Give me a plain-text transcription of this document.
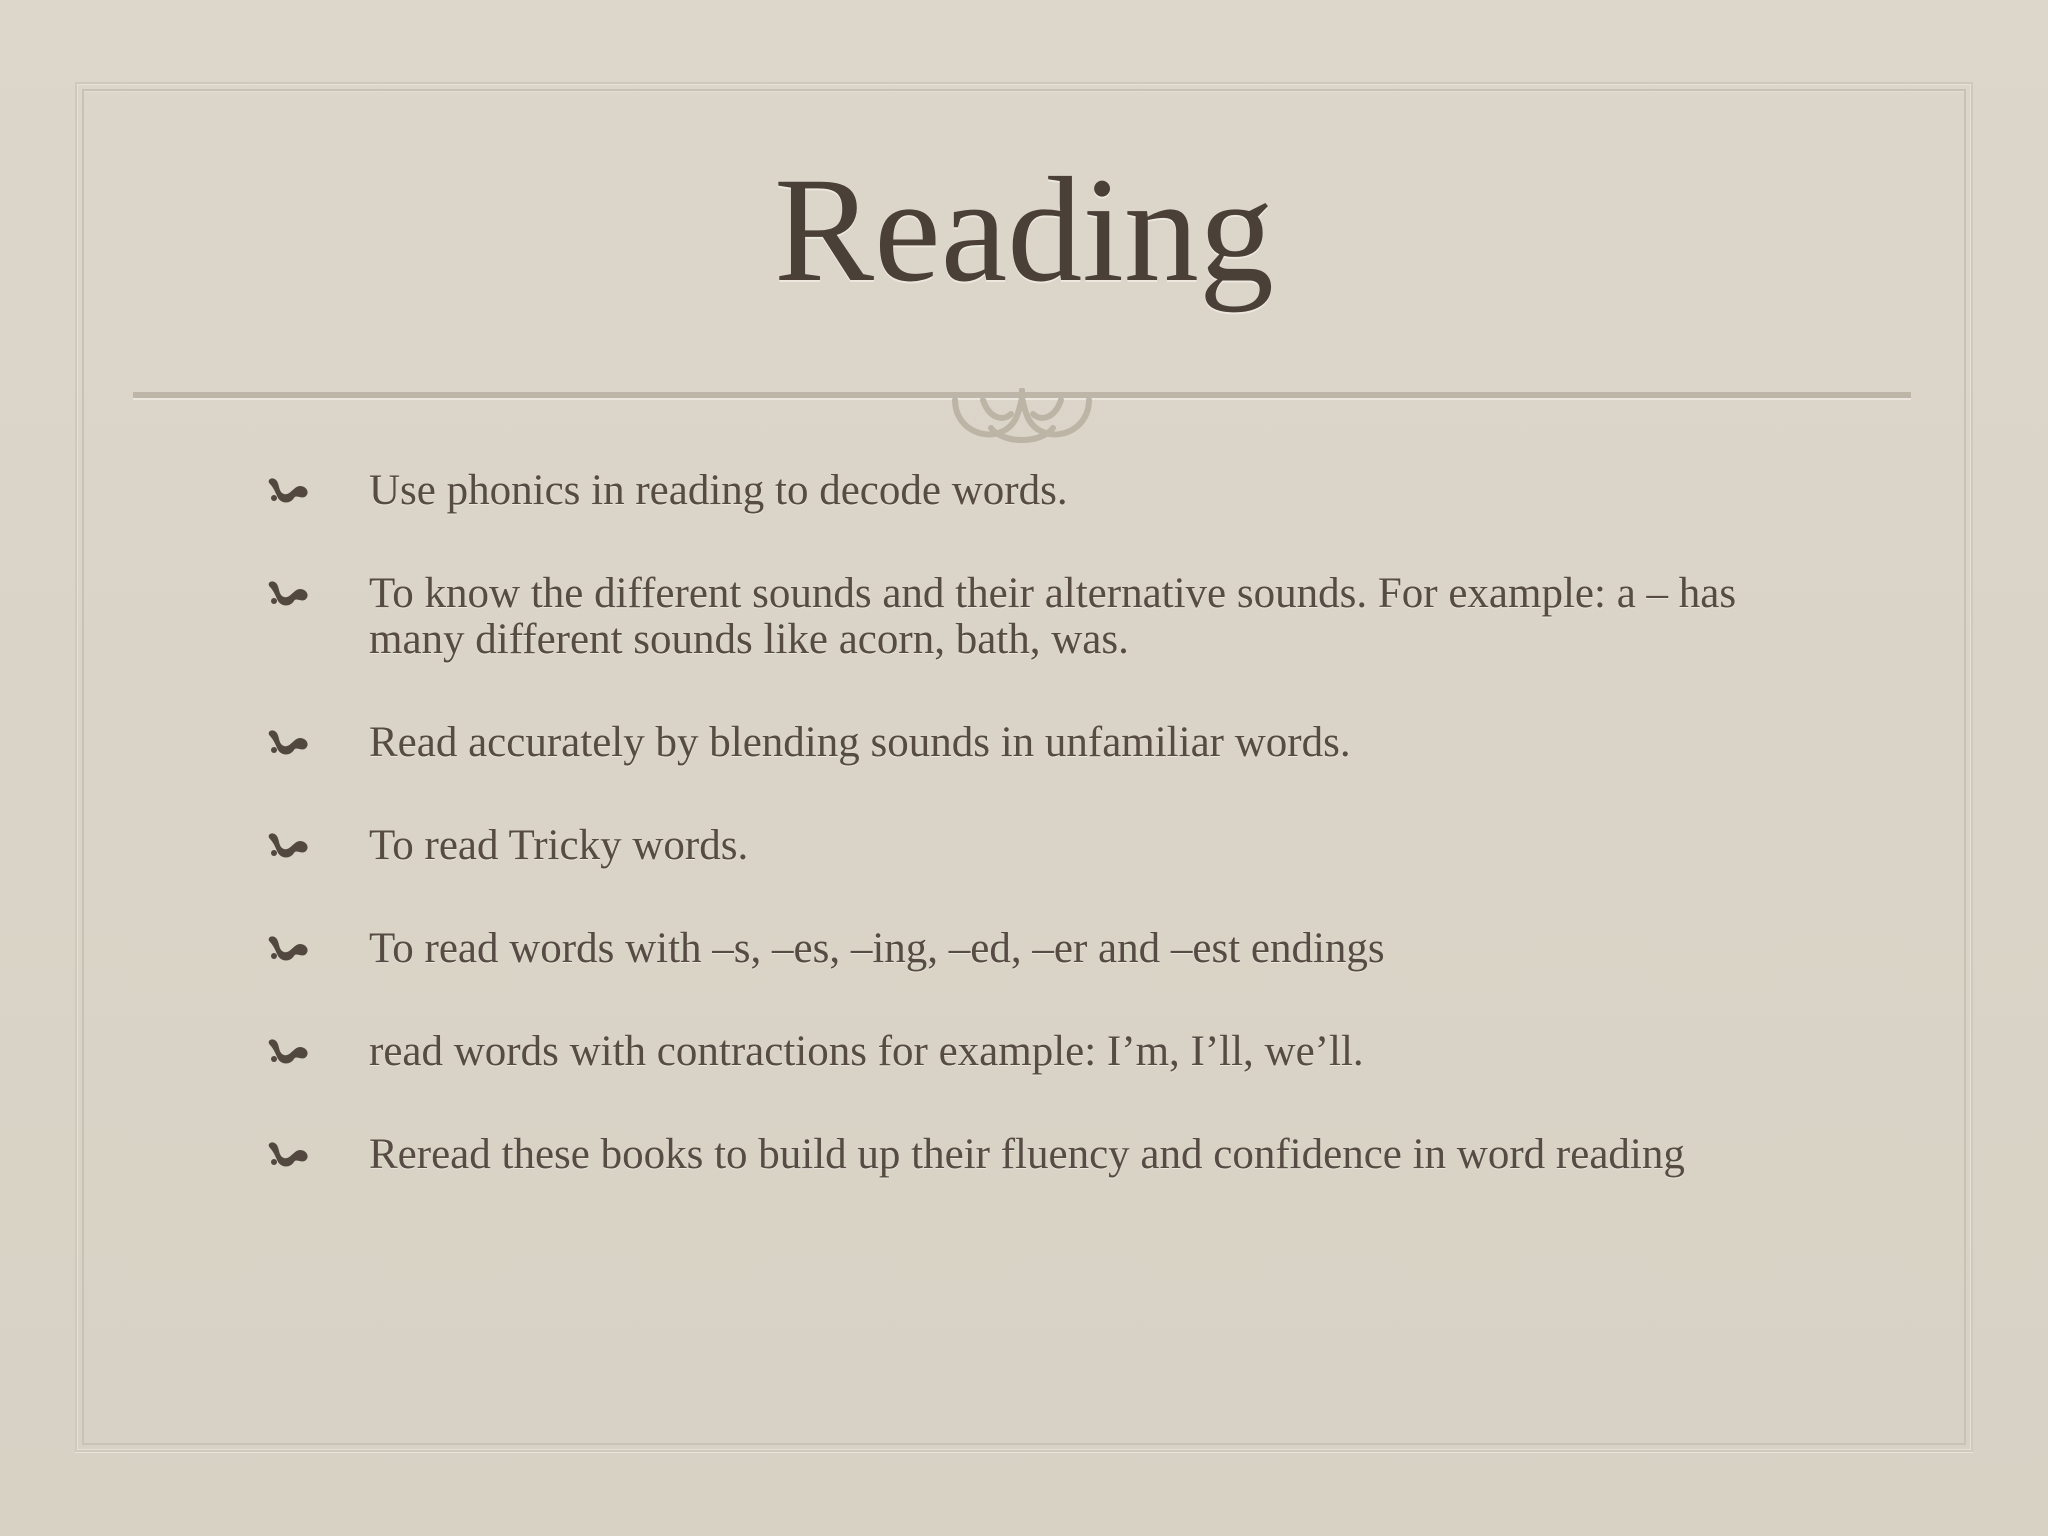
Reading
Use phonics in reading to decode words.
To know the different sounds and their alternative sounds. For example: a – has many different sounds like acorn, bath, was.
Read accurately by blending sounds in unfamiliar words.
To read Tricky words.
To read words with –s, –es, –ing, –ed, –er and –est endings
read words with contractions for example: I’m, I’ll, we’ll.
Reread these books to build up their fluency and confidence in word reading
